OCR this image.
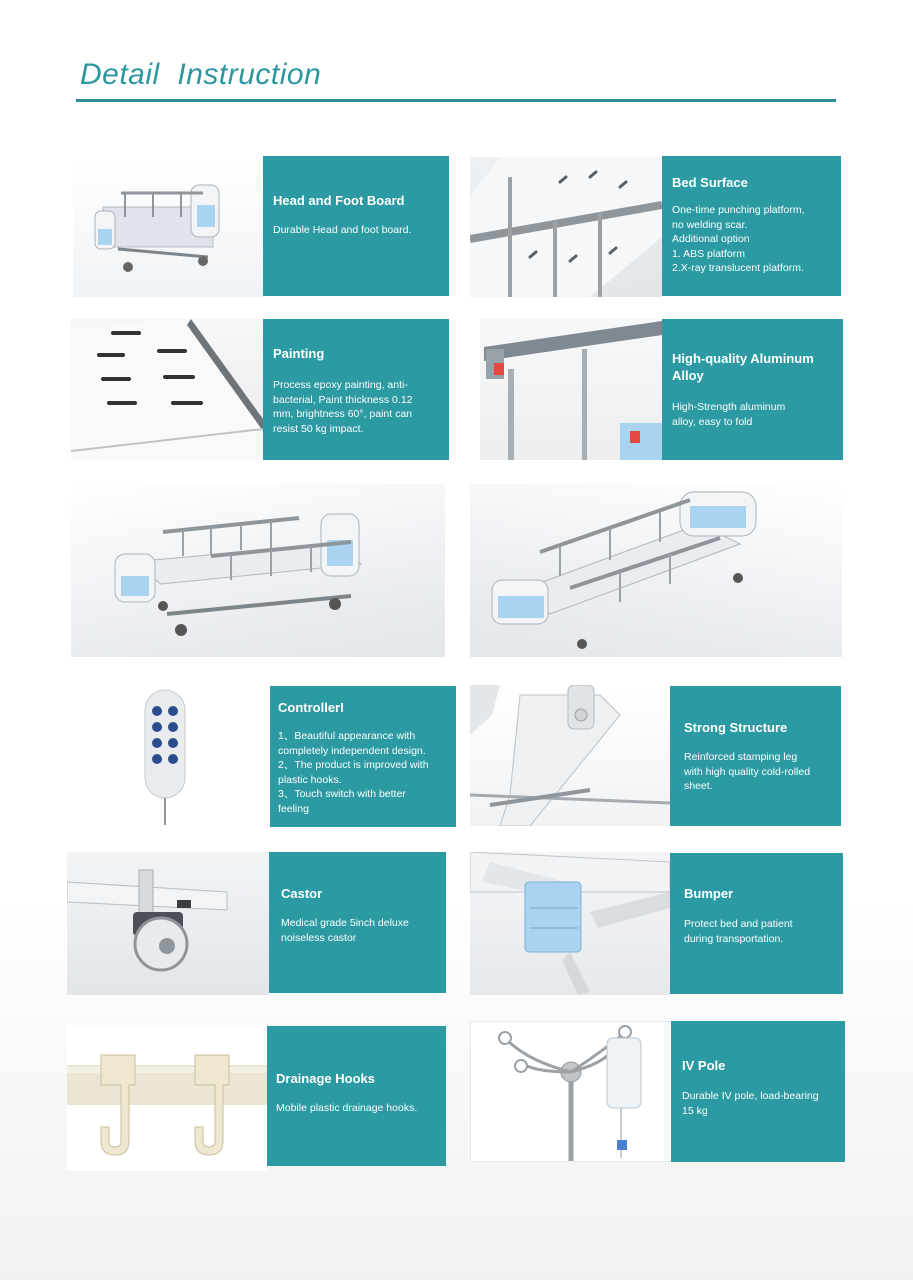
Detail  Instruction
Head and Foot Board
Durable Head and foot board.
Bed Surface
One-time punching platform,
no welding scar.
Additional option
1. ABS platform
2.X-ray translucent platform.
Painting
Process epoxy painting, anti-
bacterial, Paint thickness 0.12
mm, brightness 60°, paint can
resist 50 kg impact.
High-quality Aluminum
Alloy
High-Strength aluminum
alloy, easy to fold
ControllerI
1、Beautiful appearance with
completely independent design.
2、The product is improved with
plastic hooks.
3、Touch switch with better
feeling
Strong Structure
Reinforced stamping leg
with high quality cold-rolled
sheet.
Castor
Medical grade 5inch deluxe
noiseless castor
Bumper
Protect bed and patient
during transportation.
Drainage Hooks
Mobile plastic drainage hooks.
IV Pole
Durable IV pole, load-bearing
15 kg
